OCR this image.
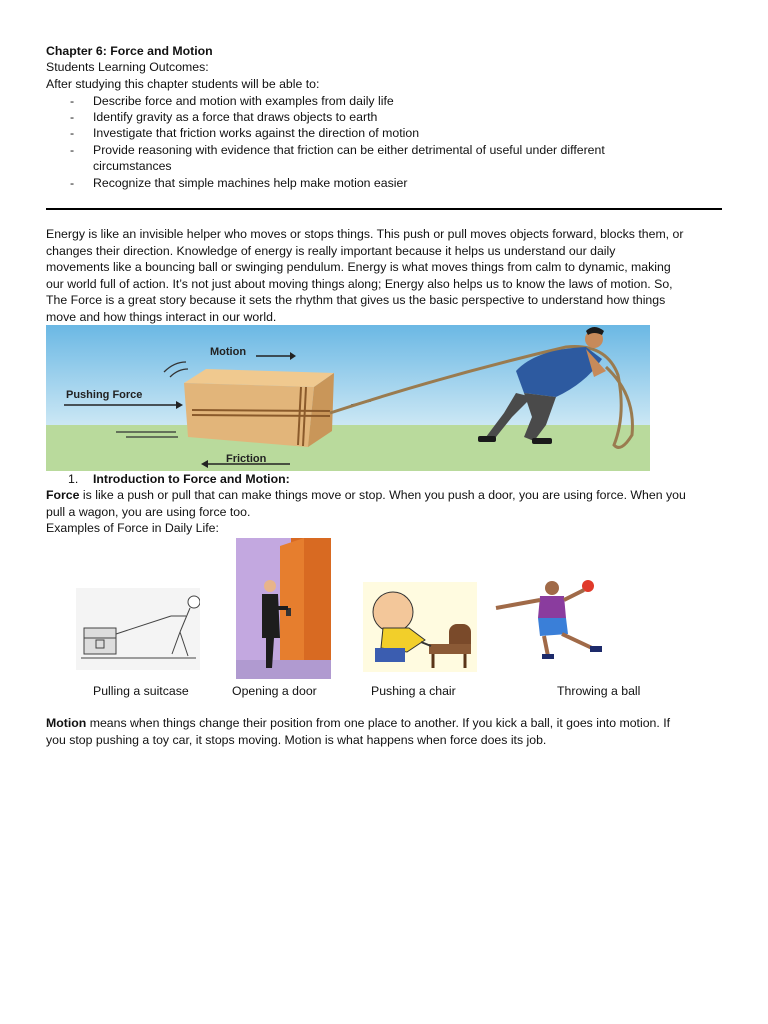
Chapter 6: Force and Motion
Students Learning Outcomes:
After studying this chapter students will be able to:
- Describe force and motion with examples from daily life
- Identify gravity as a force that draws objects to earth
- Investigate that friction works against the direction of motion
- Provide reasoning with evidence that friction can be either detrimental of useful under different
circumstances
- Recognize that simple machines help make motion easier
Energy is like an invisible helper who moves or stops things. This push or pull moves objects forward, blocks them, or
changes their direction. Knowledge of energy is really important because it helps us understand our daily
movements like a bouncing ball or swinging pendulum. Energy is what moves things from calm to dynamic, making
our world full of action. It’s not just about moving things along; Energy also helps us to know the laws of motion. So,
The Force is a great story because it sets the rhythm that gives us the basic perspective to understand how things
move and how things interact in our world.
Motion
Pushing Force
Friction
1. Introduction to Force and Motion:
Force is like a push or pull that can make things move or stop. When you push a door, you are using force. When you
pull a wagon, you are using force too.
Examples of Force in Daily Life:
Pulling a suitcase	Opening a door	Pushing a chair	Throwing a ball
Motion means when things change their position from one place to another. If you kick a ball, it goes into motion. If
you stop pushing a toy car, it stops moving. Motion is what happens when force does its job.
